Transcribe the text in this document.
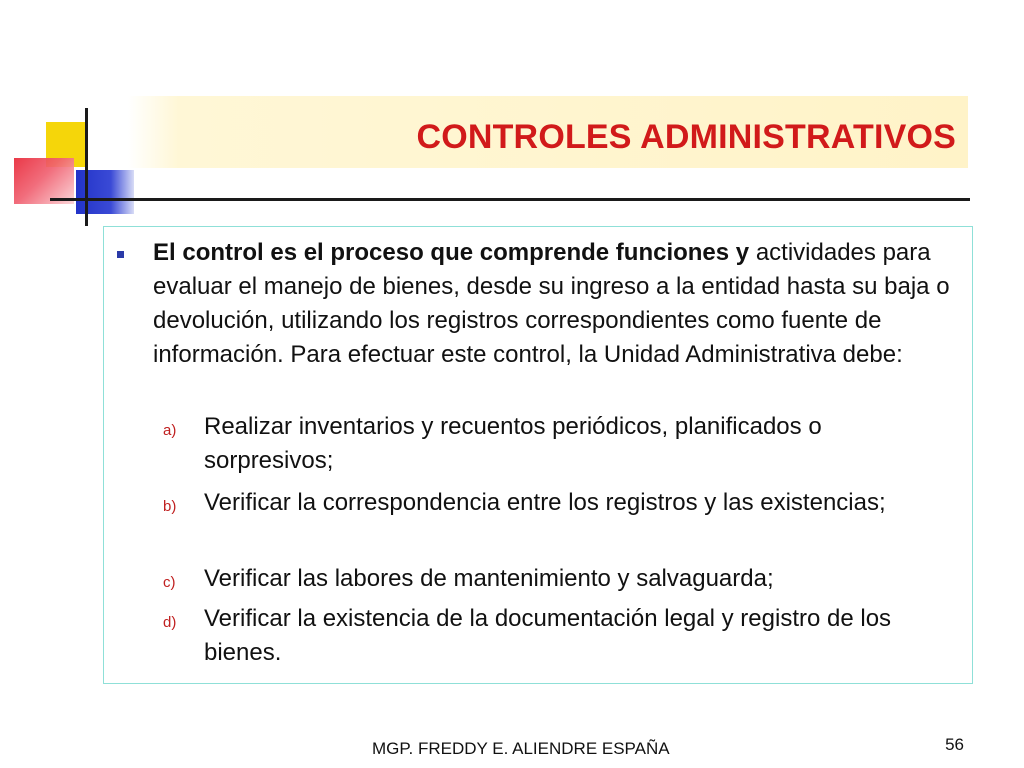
CONTROLES ADMINISTRATIVOS

El control es el proceso que comprende funciones y actividades para evaluar el manejo de bienes, desde su ingreso a la entidad hasta su baja o devolución, utilizando los registros correspondientes como fuente de información. Para efectuar este control, la Unidad Administrativa debe:

a) Realizar inventarios y recuentos periódicos, planificados o sorpresivos;
b) Verificar la correspondencia entre los registros y las existencias;
c) Verificar las labores de mantenimiento y salvaguarda;
d) Verificar la existencia de la documentación legal y registro de los bienes.
MGP. FREDDY E. ALIENDRE ESPAÑA	56
